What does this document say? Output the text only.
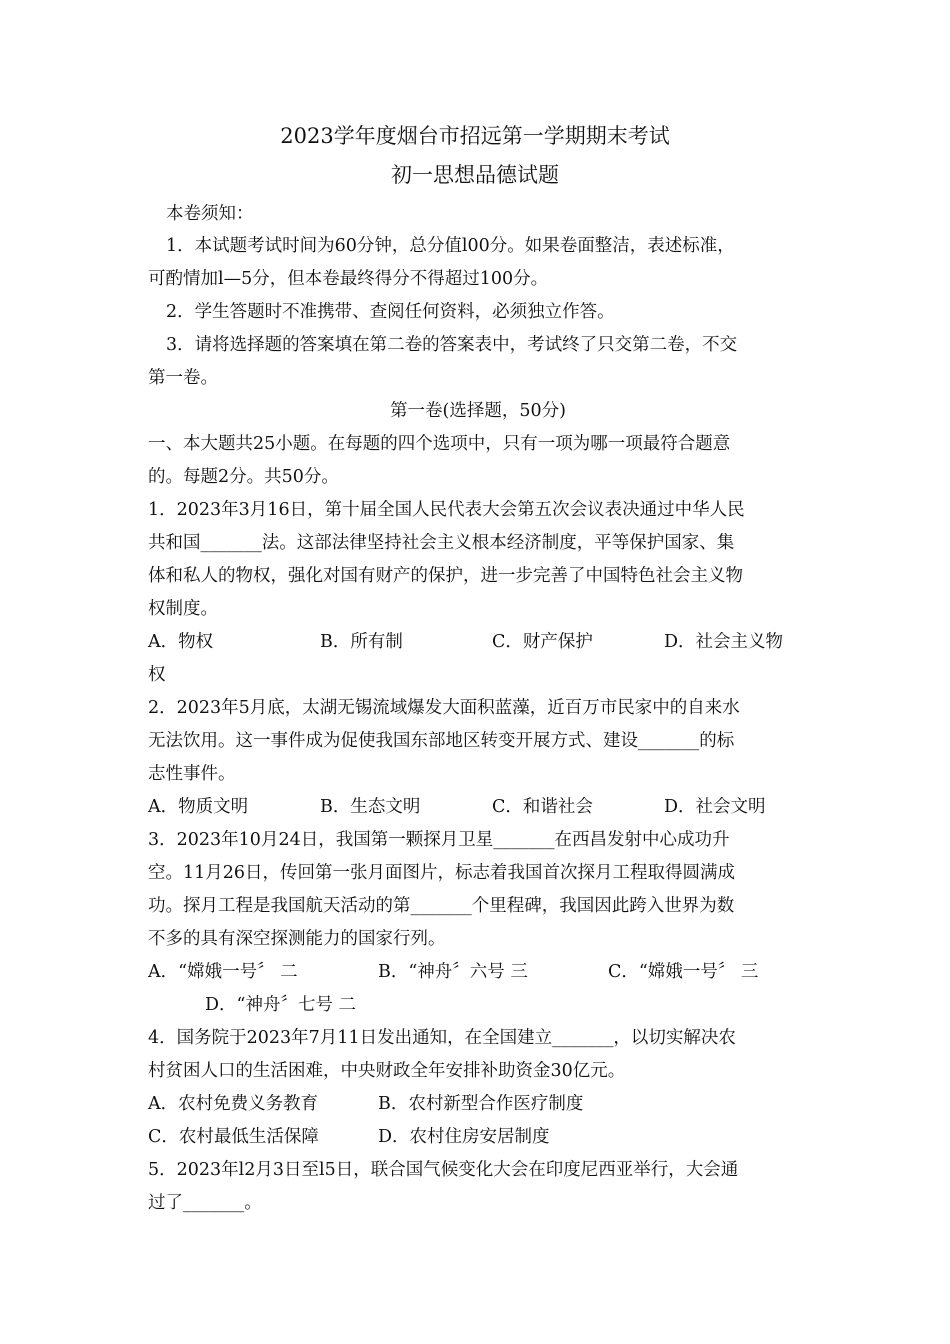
2023学年度烟台市招远第一学期期末考试
初一思想品德试题
本卷须知：
1．本试题考试时间为60分钟，总分值l00分。如果卷面整洁，表述标准，
可酌情加l—5分，但本卷最终得分不得超过100分。
2．学生答题时不准携带、查阅任何资料，必须独立作答。
3．请将选择题的答案填在第二卷的答案表中，考试终了只交第二卷，不交
第一卷。
第一卷(选择题，50分)
一、本大题共25小题。在每题的四个选项中，只有一项为哪一项最符合题意
的。每题2分。共50分。
1．2023年3月16日，第十届全国人民代表大会第五次会议表决通过中华人民
共和国_______法。这部法律坚持社会主义根本经济制度，平等保护国家、集
体和私人的物权，强化对国有财产的保护，进一步完善了中国特色社会主义物
权制度。
A．物权	B．所有制	C．财产保护	D．社会主义物
权
2．2023年5月底，太湖无锡流域爆发大面积蓝藻，近百万市民家中的自来水
无法饮用。这一事件成为促使我国东部地区转变开展方式、建设_______的标
志性事件。
A．物质文明	B．生态文明	C．和谐社会	D．社会文明
3．2023年10月24日，我国第一颗探月卫星_______在西昌发射中心成功升
空。11月26日，传回第一张月面图片，标志着我国首次探月工程取得圆满成
功。探月工程是我国航天活动的第_______个里程碑，我国因此跨入世界为数
不多的具有深空探测能力的国家行列。
A．“嫦娥一号〞 二	B．“神舟〞六号 三	C．“嫦娥一号〞 三
D．“神舟〞七号 二
4．国务院于2023年7月11日发出通知，在全国建立_______，以切实解决农
村贫困人口的生活困难，中央财政全年安排补助资金30亿元。
A．农村免费义务教育	B．农村新型合作医疗制度
C．农村最低生活保障	D．农村住房安居制度
5．2023年l2月3日至l5日，联合国气候变化大会在印度尼西亚举行，大会通
过了_______。
